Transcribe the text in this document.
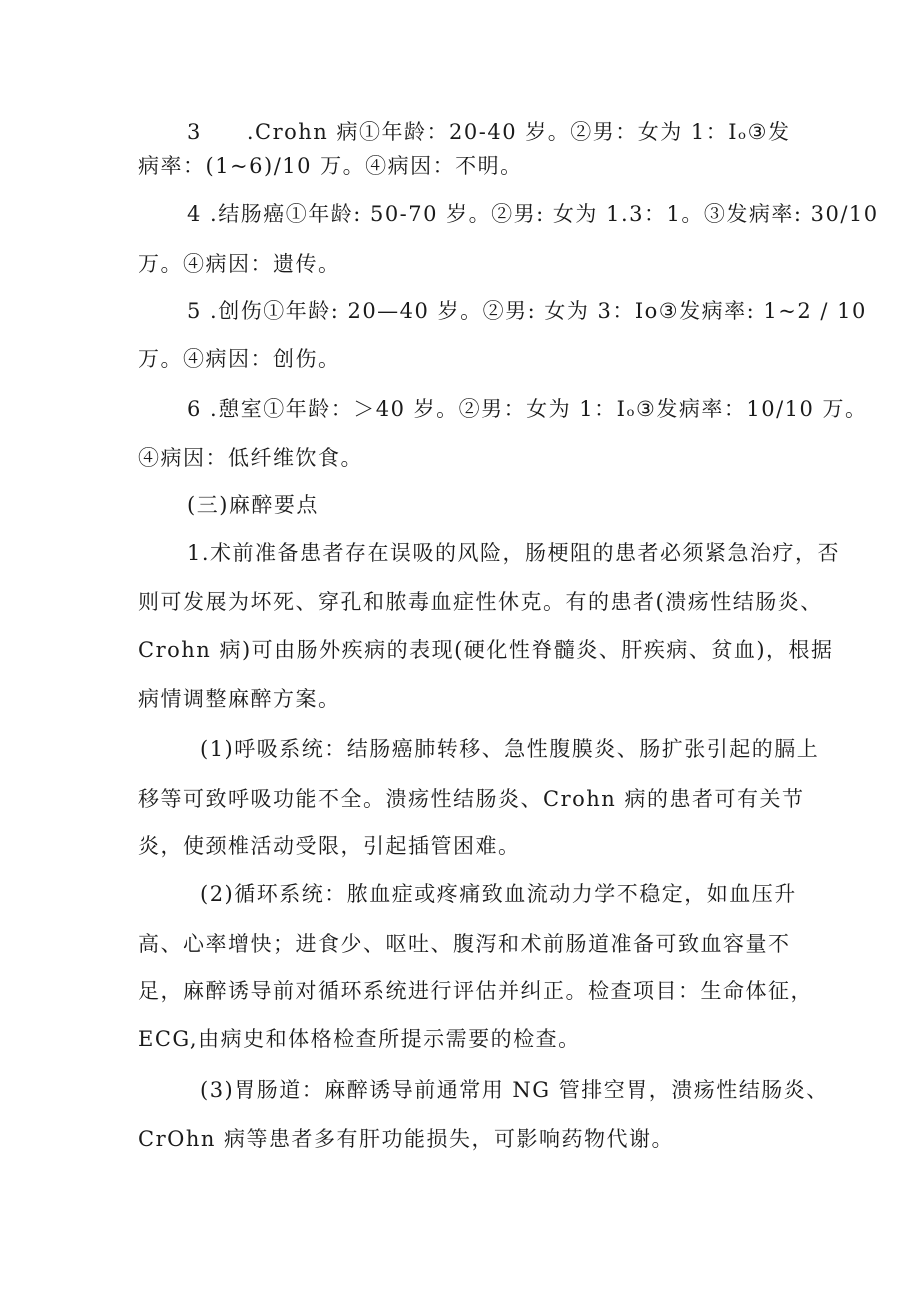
3　　.Crohn 病①年龄：20-40 岁。②男：女为 1：Iₒ③发
病率：(1~6)/10 万。④病因：不明。
4 .结肠癌①年龄: 50-70 岁。②男: 女为 1.3：1。③发病率: 30/10
万。④病因：遗传。
5 .创伤①年龄: 20—40 岁。②男: 女为 3：Io③发病率: 1~2 / 10
万。④病因：创伤。
6 .憩室①年龄：＞40 岁。②男：女为 1：Iₒ③发病率：10/10 万。
④病因：低纤维饮食。
(三)麻醉要点
1.术前准备患者存在误吸的风险，肠梗阻的患者必须紧急治疗，否
则可发展为坏死、穿孔和脓毒血症性休克。有的患者(溃疡性结肠炎、
Crohn 病)可由肠外疾病的表现(硬化性脊髓炎、肝疾病、贫血)，根据
病情调整麻醉方案。
(1)呼吸系统：结肠癌肺转移、急性腹膜炎、肠扩张引起的膈上
移等可致呼吸功能不全。溃疡性结肠炎、Crohn 病的患者可有关节
炎，使颈椎活动受限，引起插管困难。
(2)循环系统：脓血症或疼痛致血流动力学不稳定，如血压升
高、心率增快；进食少、呕吐、腹泻和术前肠道准备可致血容量不
足，麻醉诱导前对循环系统进行评估并纠正。检查项目：生命体征，
ECG,由病史和体格检查所提示需要的检查。
(3)胃肠道：麻醉诱导前通常用 NG 管排空胃，溃疡性结肠炎、
CrOhn 病等患者多有肝功能损失，可影响药物代谢。
